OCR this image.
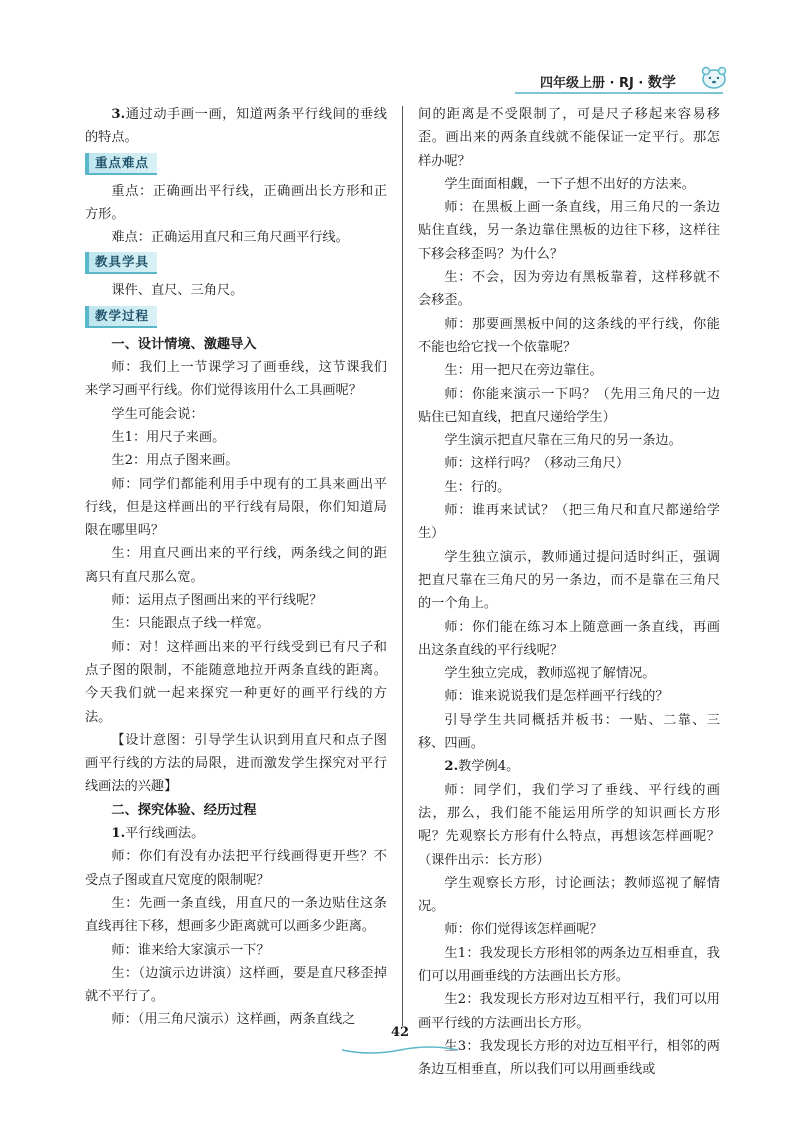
四年级上册 · RJ · 数学

3.通过动手画一画，知道两条平行线间的垂线的特点。

重点难点

重点：正确画出平行线，正确画出长方形和正方形。

难点：正确运用直尺和三角尺画平行线。

教具学具

课件、直尺、三角尺。

教学过程

一、设计情境、激趣导入

师：我们上一节课学习了画垂线，这节课我们来学习画平行线。你们觉得该用什么工具画呢？

学生可能会说：

生1：用尺子来画。

生2：用点子图来画。

师：同学们都能利用手中现有的工具来画出平行线，但是这样画出的平行线有局限，你们知道局限在哪里吗？

生：用直尺画出来的平行线，两条线之间的距离只有直尺那么宽。

师：运用点子图画出来的平行线呢？

生：只能跟点子线一样宽。

师：对！这样画出来的平行线受到已有尺子和点子图的限制，不能随意地拉开两条直线的距离。今天我们就一起来探究一种更好的画平行线的方法。

【设计意图：引导学生认识到用直尺和点子图画平行线的方法的局限，进而激发学生探究对平行线画法的兴趣】

二、探究体验、经历过程

1.平行线画法。

师：你们有没有办法把平行线画得更开些？不受点子图或直尺宽度的限制呢？

生：先画一条直线，用直尺的一条边贴住这条直线再往下移，想画多少距离就可以画多少距离。

师：谁来给大家演示一下？

生：（边演示边讲演）这样画，要是直尺移歪掉就不平行了。

师：（用三角尺演示）这样画，两条直线之

间的距离是不受限制了，可是尺子移起来容易移歪。画出来的两条直线就不能保证一定平行。那怎样办呢？

学生面面相觑，一下子想不出好的方法来。

师：在黑板上画一条直线，用三角尺的一条边贴住直线，另一条边靠住黑板的边往下移，这样往下移会移歪吗？为什么？

生：不会，因为旁边有黑板靠着，这样移就不会移歪。

师：那要画黑板中间的这条线的平行线，你能不能也给它找一个依靠呢？

生：用一把尺在旁边靠住。

师：你能来演示一下吗？（先用三角尺的一边贴住已知直线，把直尺递给学生）

学生演示把直尺靠在三角尺的另一条边。

师：这样行吗？（移动三角尺）

生：行的。

师：谁再来试试？（把三角尺和直尺都递给学生）

学生独立演示，教师通过提问适时纠正，强调把直尺靠在三角尺的另一条边，而不是靠在三角尺的一个角上。

师：你们能在练习本上随意画一条直线，再画出这条直线的平行线呢？

学生独立完成，教师巡视了解情况。

师：谁来说说我们是怎样画平行线的？

引导学生共同概括并板书：一贴、二靠、三移、四画。

2.教学例4。

师：同学们，我们学习了垂线、平行线的画法，那么，我们能不能运用所学的知识画长方形呢？先观察长方形有什么特点，再想该怎样画呢？（课件出示：长方形）

学生观察长方形，讨论画法；教师巡视了解情况。

师：你们觉得该怎样画呢？

生1：我发现长方形相邻的两条边互相垂直，我们可以用画垂线的方法画出长方形。

生2：我发现长方形对边互相平行，我们可以用画平行线的方法画出长方形。

生3：我发现长方形的对边互相平行，相邻的两条边互相垂直，所以我们可以用画垂线或

42
